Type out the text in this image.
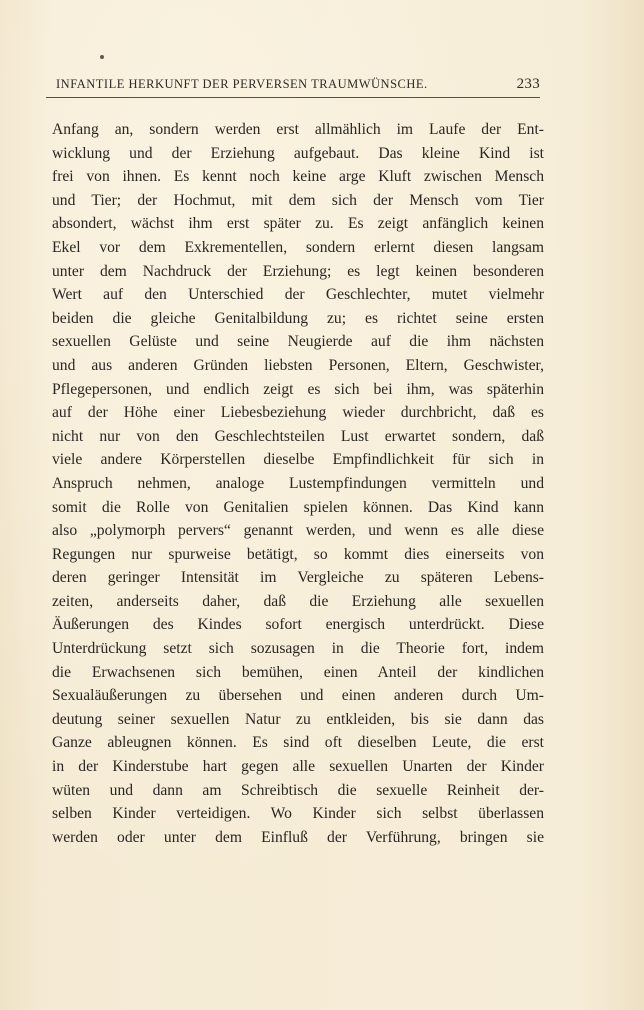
INFANTILE HERKUNFT DER PERVERSEN TRAUMWÜNSCHE.	233
Anfang an, sondern werden erst allmählich im Laufe der Ent-
wicklung und der Erziehung aufgebaut. Das kleine Kind ist
frei von ihnen. Es kennt noch keine arge Kluft zwischen Mensch
und Tier; der Hochmut, mit dem sich der Mensch vom Tier
absondert, wächst ihm erst später zu. Es zeigt anfänglich keinen
Ekel vor dem Exkrementellen, sondern erlernt diesen langsam
unter dem Nachdruck der Erziehung; es legt keinen besonderen
Wert auf den Unterschied der Geschlechter, mutet vielmehr
beiden die gleiche Genitalbildung zu; es richtet seine ersten
sexuellen Gelüste und seine Neugierde auf die ihm nächsten
und aus anderen Gründen liebsten Personen, Eltern, Geschwister,
Pflegepersonen, und endlich zeigt es sich bei ihm, was späterhin
auf der Höhe einer Liebesbeziehung wieder durchbricht, daß es
nicht nur von den Geschlechtsteilen Lust erwartet sondern, daß
viele andere Körperstellen dieselbe Empfindlichkeit für sich in
Anspruch nehmen, analoge Lustempfindungen vermitteln und
somit die Rolle von Genitalien spielen können. Das Kind kann
also „polymorph pervers“ genannt werden, und wenn es alle diese
Regungen nur spurweise betätigt, so kommt dies einerseits von
deren geringer Intensität im Vergleiche zu späteren Lebens-
zeiten, anderseits daher, daß die Erziehung alle sexuellen
Äußerungen des Kindes sofort energisch unterdrückt. Diese
Unterdrückung setzt sich sozusagen in die Theorie fort, indem
die Erwachsenen sich bemühen, einen Anteil der kindlichen
Sexualäußerungen zu übersehen und einen anderen durch Um-
deutung seiner sexuellen Natur zu entkleiden, bis sie dann das
Ganze ableugnen können. Es sind oft dieselben Leute, die erst
in der Kinderstube hart gegen alle sexuellen Unarten der Kinder
wüten und dann am Schreibtisch die sexuelle Reinheit der-
selben Kinder verteidigen. Wo Kinder sich selbst überlassen
werden oder unter dem Einfluß der Verführung, bringen sie
